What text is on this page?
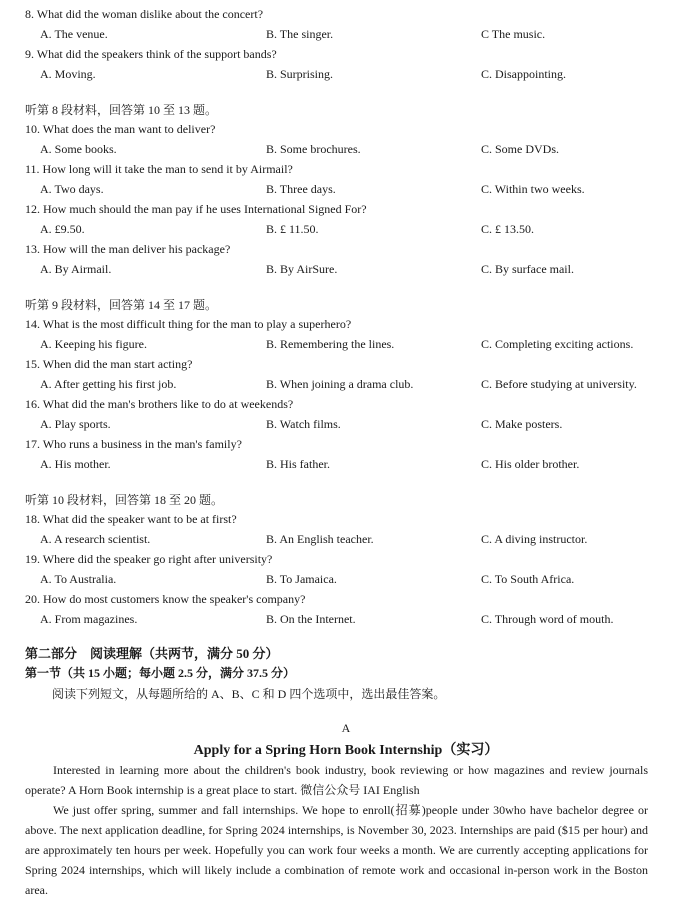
8. What did the woman dislike about the concert?
A. The venue.	B. The singer.	C The music.
9. What did the speakers think of the support bands?
A. Moving.	B. Surprising.	C. Disappointing.
听第 8 段材料，回答第 10 至 13 题。
10. What does the man want to deliver?
A. Some books.	B. Some brochures.	C. Some DVDs.
11. How long will it take the man to send it by Airmail?
A. Two days.	B. Three days.	C. Within two weeks.
12. How much should the man pay if he uses International Signed For?
A. £9.50.	B. £ 11.50.	C. £ 13.50.
13. How will the man deliver his package?
A. By Airmail.	B. By AirSure.	C. By surface mail.
听第 9 段材料，回答第 14 至 17 题。
14. What is the most difficult thing for the man to play a superhero?
A. Keeping his figure.	B. Remembering the lines.	C. Completing exciting actions.
15. When did the man start acting?
A. After getting his first job.	B. When joining a drama club.	C. Before studying at university.
16. What did the man's brothers like to do at weekends?
A. Play sports.	B. Watch films.	C. Make posters.
17. Who runs a business in the man's family?
A. His mother.	B. His father.	C. His older brother.
听第 10 段材料，回答第 18 至 20 题。
18. What did the speaker want to be at first?
A. A research scientist.	B. An English teacher.	C. A diving instructor.
19. Where did the speaker go right after university?
A. To Australia.	B. To Jamaica.	C. To South Africa.
20. How do most customers know the speaker's company?
A. From magazines.	B. On the Internet.	C. Through word of mouth.
第二部分　阅读理解（共两节，满分 50 分）
第一节（共 15 小题；每小题 2.5 分，满分 37.5 分）
阅读下列短文，从每题所给的 A、B、C 和 D 四个选项中，选出最佳答案。
A
Apply for a Spring Horn Book Internship（实习）

Interested in learning more about the children's book industry, book reviewing or how magazines and review journals operate? A Horn Book internship is a great place to start. 微信公众号 IAI English

We just offer spring, summer and fall internships. We hope to enroll(招募)people under 30who have bachelor degree or above. The next application deadline, for Spring 2024 internships, is November 30, 2023. Internships are paid ($15 per hour) and are approximately ten hours per week. Hopefully you can work four weeks a month. We are currently accepting applications for Spring 2024 internships, which will likely include a combination of remote work and occasional in-person work in the Boston area.
